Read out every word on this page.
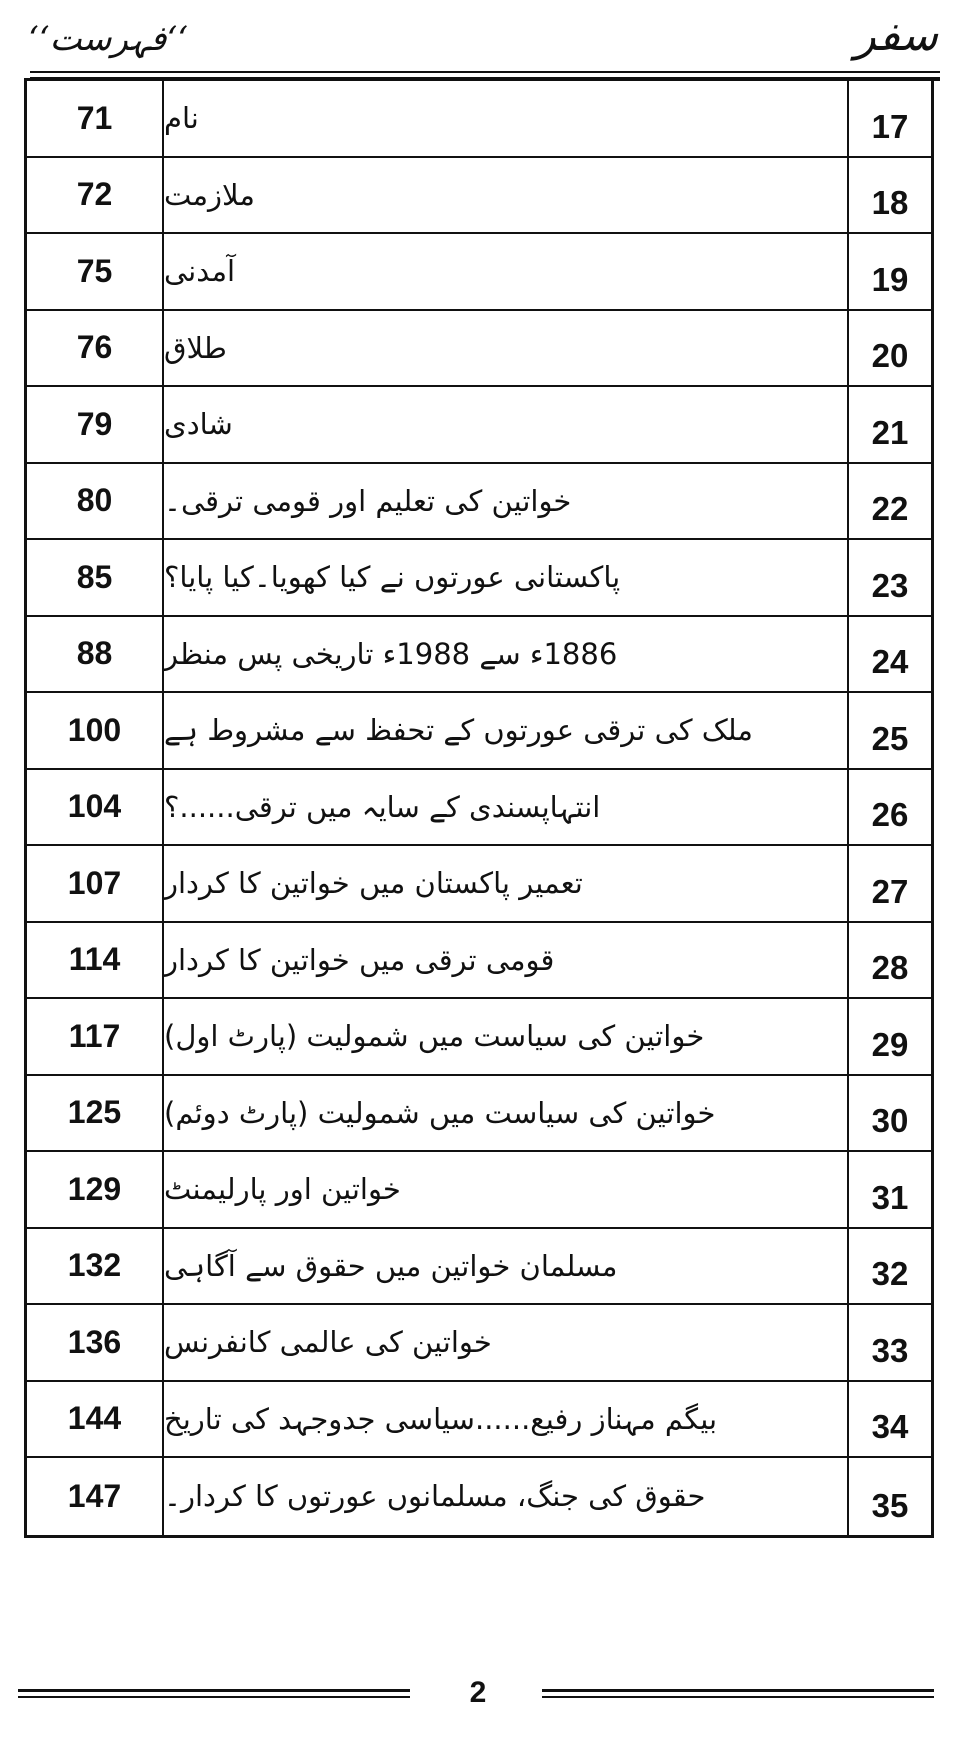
‘‘فہرست‘‘	سفر
71	نام	17
72	ملازمت	18
75	آمدنی	19
76	طلاق	20
79	شادی	21
80	خواتین کی تعلیم اور قومی ترقی۔	22
85	پاکستانی عورتوں نے کیا کھویا۔کیا پایا؟	23
88	1886ء سے 1988ء تاریخی پس منظر	24
100	ملک کی ترقی عورتوں کے تحفظ سے مشروط ہے	25
104	انتہاپسندی کے سایہ میں ترقی......؟	26
107	تعمیر پاکستان میں خواتین کا کردار	27
114	قومی ترقی میں خواتین کا کردار	28
117	خواتین کی سیاست میں شمولیت (پارٹ اول)	29
125	خواتین کی سیاست میں شمولیت (پارٹ دوئم)	30
129	خواتین اور پارلیمنٹ	31
132	مسلمان خواتین میں حقوق سے آگاہی	32
136	خواتین کی عالمی کانفرنس	33
144	بیگم مہناز رفیع......سیاسی جدوجہد کی تاریخ	34
147	حقوق کی جنگ، مسلمانوں عورتوں کا کردار۔	35
2
